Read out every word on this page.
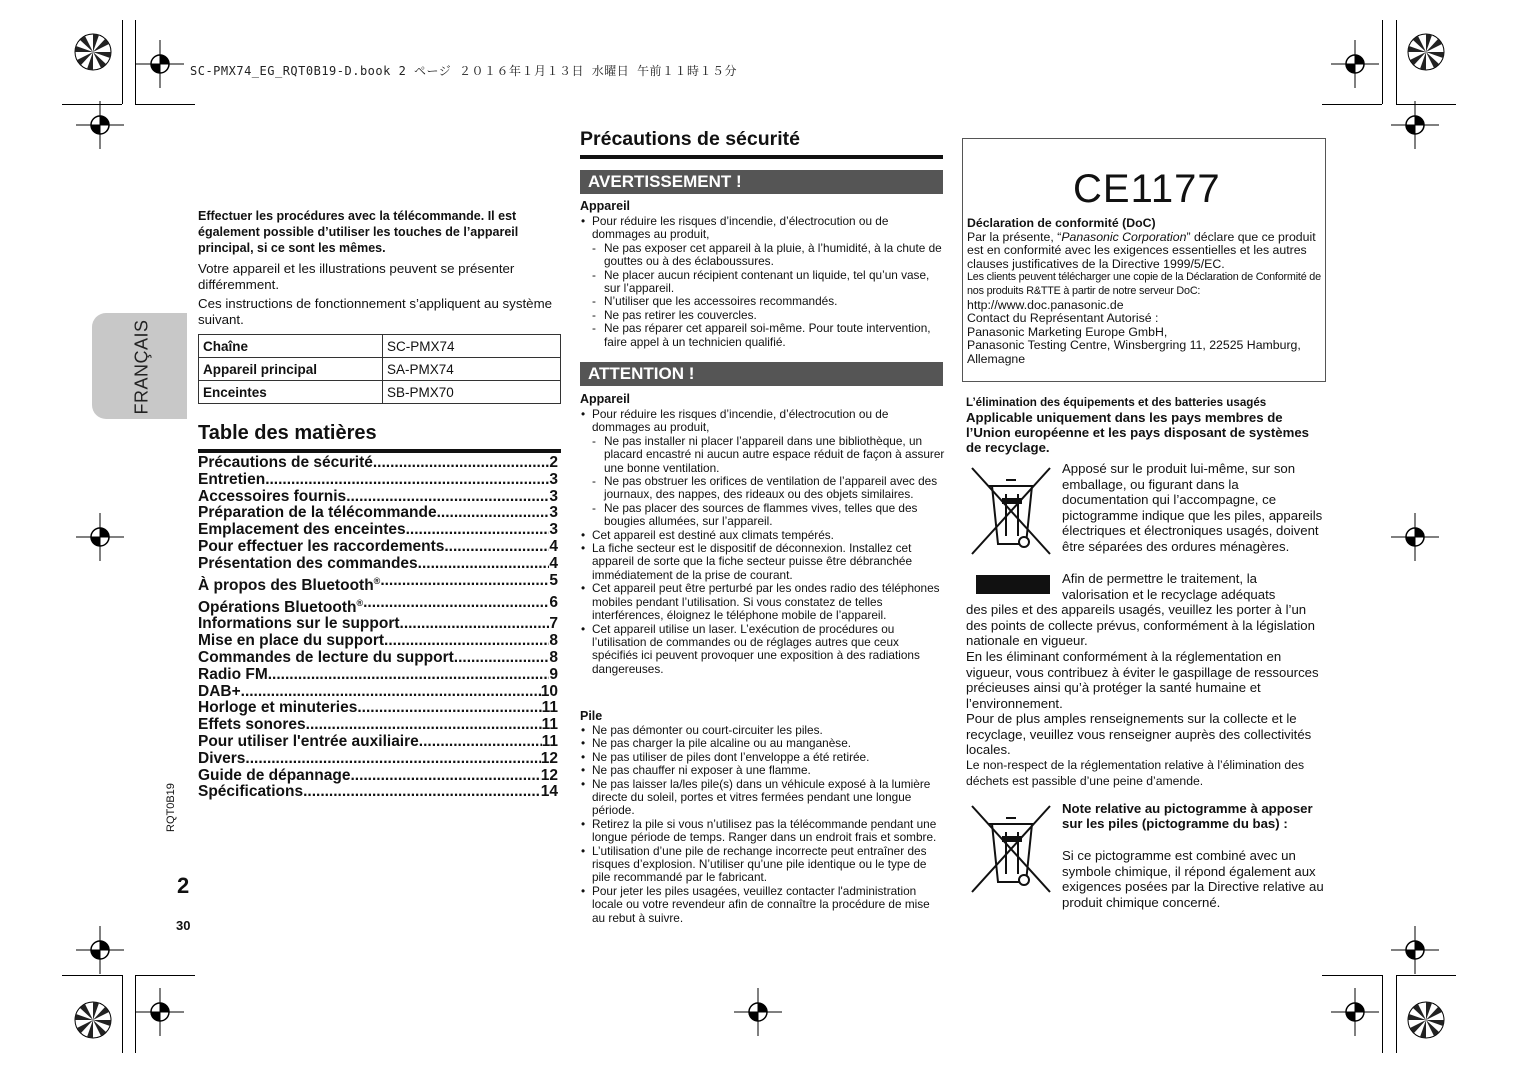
SC-PMX74_EG_RQT0B19-D.book 2 ページ ２０１６年１月１３日 水曜日 午前１１時１５分
FRANÇAIS
Effectuer les procédures avec la télécommande. Il est également possible d’utiliser les touches de l’appareil principal, si ce sont les mêmes.
Votre appareil et les illustrations peuvent se présenter différemment.
Ces instructions de fonctionnement s’appliquent au système suivant.
Chaîne	SC-PMX74
Appareil principal	SA-PMX74
Enceintes	SB-PMX70
Table des matières
Précautions de sécurité .....	2
Entretien .....	3
Accessoires fournis .....	3
Préparation de la télécommande .....	3
Emplacement des enceintes .....	3
Pour effectuer les raccordements .....	4
Présentation des commandes .....	4
À propos des Bluetooth® .....	5
Opérations Bluetooth® .....	6
Informations sur le support .....	7
Mise en place du support .....	8
Commandes de lecture du support .....	8
Radio FM .....	9
DAB+ .....	10
Horloge et minuteries .....	11
Effets sonores .....	11
Pour utiliser l'entrée auxiliaire .....	11
Divers .....	12
Guide de dépannage .....	12
Spécifications .....	14
RQT0B19
2
30
Précautions de sécurité
AVERTISSEMENT !
Appareil
• Pour réduire les risques d’incendie, d’électrocution ou de dommages au produit,
- Ne pas exposer cet appareil à la pluie, à l’humidité, à la chute de gouttes ou à des éclaboussures.
- Ne placer aucun récipient contenant un liquide, tel qu’un vase, sur l’appareil.
- N’utiliser que les accessoires recommandés.
- Ne pas retirer les couvercles.
- Ne pas réparer cet appareil soi-même. Pour toute intervention, faire appel à un technicien qualifié.
ATTENTION !
Appareil
• Pour réduire les risques d’incendie, d’électrocution ou de dommages au produit,
- Ne pas installer ni placer l’appareil dans une bibliothèque, un placard encastré ni aucun autre espace réduit de façon à assurer une bonne ventilation.
- Ne pas obstruer les orifices de ventilation de l’appareil avec des journaux, des nappes, des rideaux ou des objets similaires.
- Ne pas placer des sources de flammes vives, telles que des bougies allumées, sur l’appareil.
• Cet appareil est destiné aux climats tempérés.
• La fiche secteur est le dispositif de déconnexion. Installez cet appareil de sorte que la fiche secteur puisse être débranchée immédiatement de la prise de courant.
• Cet appareil peut être perturbé par les ondes radio des téléphones mobiles pendant l’utilisation. Si vous constatez de telles interférences, éloignez le téléphone mobile de l’appareil.
• Cet appareil utilise un laser. L’exécution de procédures ou l’utilisation de commandes ou de réglages autres que ceux spécifiés ici peuvent provoquer une exposition à des radiations dangereuses.
Pile
• Ne pas démonter ou court-circuiter les piles.
• Ne pas charger la pile alcaline ou au manganèse.
• Ne pas utiliser de piles dont l’enveloppe a été retirée.
• Ne pas chauffer ni exposer à une flamme.
• Ne pas laisser la/les pile(s) dans un véhicule exposé à la lumière directe du soleil, portes et vitres fermées pendant une longue période.
• Retirez la pile si vous n’utilisez pas la télécommande pendant une longue période de temps. Ranger dans un endroit frais et sombre.
• L’utilisation d’une pile de rechange incorrecte peut entraîner des risques d’explosion. N’utiliser qu’une pile identique ou le type de pile recommandé par le fabricant.
• Pour jeter les piles usagées, veuillez contacter l'administration locale ou votre revendeur afin de connaître la procédure de mise au rebut à suivre.
CE1177
Déclaration de conformité (DoC)
Par la présente, “Panasonic Corporation” déclare que ce produit est en conformité avec les exigences essentielles et les autres clauses justificatives de la Directive 1999/5/EC.
Les clients peuvent télécharger une copie de la Déclaration de Conformité de nos produits R&TTE à partir de notre serveur DoC:
http://www.doc.panasonic.de
Contact du Représentant Autorisé :
Panasonic Marketing Europe GmbH,
Panasonic Testing Centre, Winsbergring 11, 22525 Hamburg, Allemagne
L’élimination des équipements et des batteries usagés
Applicable uniquement dans les pays membres de l’Union européenne et les pays disposant de systèmes de recyclage.
Apposé sur le produit lui-même, sur son emballage, ou figurant dans la documentation qui l’accompagne, ce pictogramme indique que les piles, appareils électriques et électroniques usagés, doivent être séparées des ordures ménagères.
Afin de permettre le traitement, la valorisation et le recyclage adéquats
des piles et des appareils usagés, veuillez les porter à l’un des points de collecte prévus, conformément à la législation nationale en vigueur.
En les éliminant conformément à la réglementation en vigueur, vous contribuez à éviter le gaspillage de ressources précieuses ainsi qu’à protéger la santé humaine et l’environnement.
Pour de plus amples renseignements sur la collecte et le recyclage, veuillez vous renseigner auprès des collectivités locales.
Le non-respect de la réglementation relative à l’élimination des déchets est passible d’une peine d’amende.
Note relative au pictogramme à apposer sur les piles (pictogramme du bas) :
Si ce pictogramme est combiné avec un symbole chimique, il répond également aux exigences posées par la Directive relative au produit chimique concerné.
